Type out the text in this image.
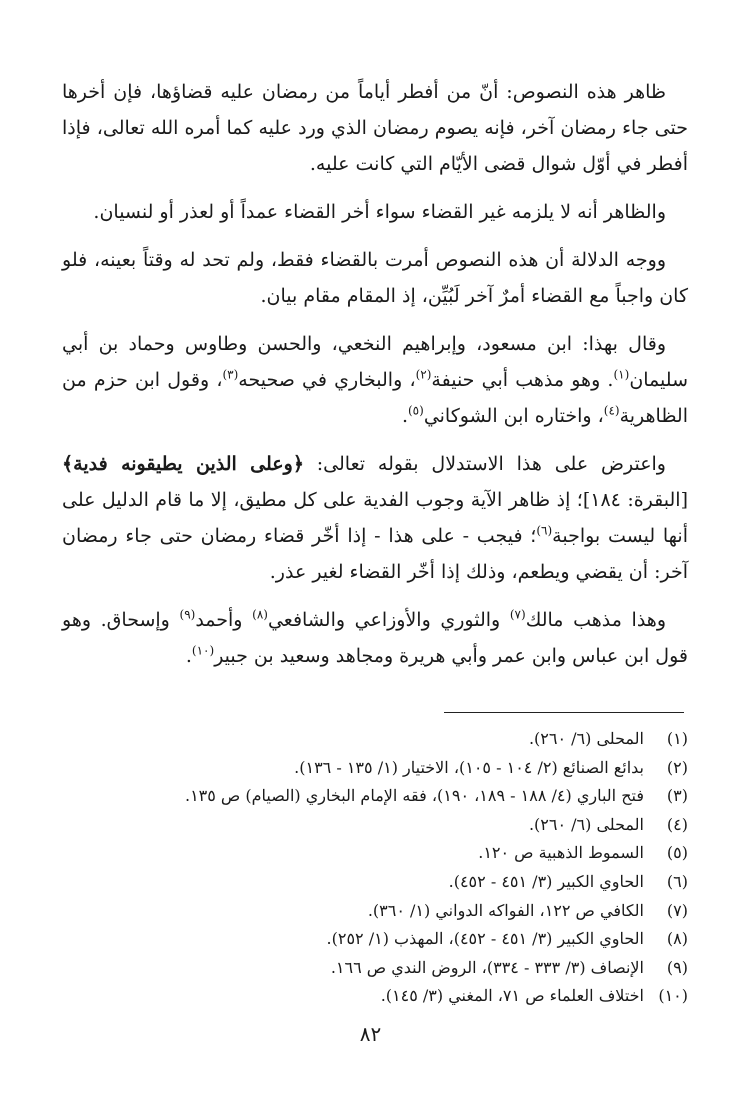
ظاهر هذه النصوص: أنّ من أفطر أياماً من رمضان عليه قضاؤها، فإن أخرها حتى جاء رمضان آخر، فإنه يصوم رمضان الذي ورد عليه كما أمره الله تعالى، فإذا أفطر في أوّل شوال قضى الأيّام التي كانت عليه.

والظاهر أنه لا يلزمه غير القضاء سواء أخر القضاء عمداً أو لعذر أو لنسيان.

ووجه الدلالة أن هذه النصوص أمرت بالقضاء فقط، ولم تحد له وقتاً بعينه، فلو كان واجباً مع القضاء أمرٌ آخر لَبُيِّن، إذ المقام مقام بيان.

وقال بهذا: ابن مسعود، وإبراهيم النخعي، والحسن وطاوس وحماد بن أبي سليمان$^{(١)}$. وهو مذهب أبي حنيفة$^{(٢)}$، والبخاري في صحيحه$^{(٣)}$، وقول ابن حزم من الظاهرية$^{(٤)}$، واختاره ابن الشوكاني$^{(٥)}$.

واعترض على هذا الاستدلال بقوله تعالى: ﴿وعلى الذين يطيقونه فدية﴾ [البقرة: ١٨٤]؛ إذ ظاهر الآية وجوب الفدية على كل مطيق، إلا ما قام الدليل على أنها ليست بواجبة$^{(٦)}$؛ فيجب - على هذا - إذا أخّر قضاء رمضان حتى جاء رمضان آخر: أن يقضي ويطعم، وذلك إذا أخّر القضاء لغير عذر.

وهذا مذهب مالك$^{(٧)}$ والثوري والأوزاعي والشافعي$^{(٨)}$ وأحمد$^{(٩)}$ وإسحاق. وهو قول ابن عباس وابن عمر وأبي هريرة ومجاهد وسعيد بن جبير$^{(١٠)}$.

(١)
المحلى (٦/ ٢٦٠).
(٢)
بدائع الصنائع (٢/ ١٠٤ - ١٠٥)، الاختيار (١/ ١٣٥ - ١٣٦).
(٣)
فتح الباري (٤/ ١٨٨ - ١٨٩، ١٩٠)، فقه الإمام البخاري (الصيام) ص ١٣٥.
(٤)
المحلى (٦/ ٢٦٠).
(٥)
السموط الذهبية ص ١٢٠.
(٦)
الحاوي الكبير (٣/ ٤٥١ - ٤٥٢).
(٧)
الكافي ص ١٢٢، الفواكه الدواني (١/ ٣٦٠).
(٨)
الحاوي الكبير (٣/ ٤٥١ - ٤٥٢)، المهذب (١/ ٢٥٢).
(٩)
الإنصاف (٣/ ٣٣٣ - ٣٣٤)، الروض الندي ص ١٦٦.
(١٠)
اختلاف العلماء ص ٧١، المغني (٣/ ١٤٥).
٨٢
